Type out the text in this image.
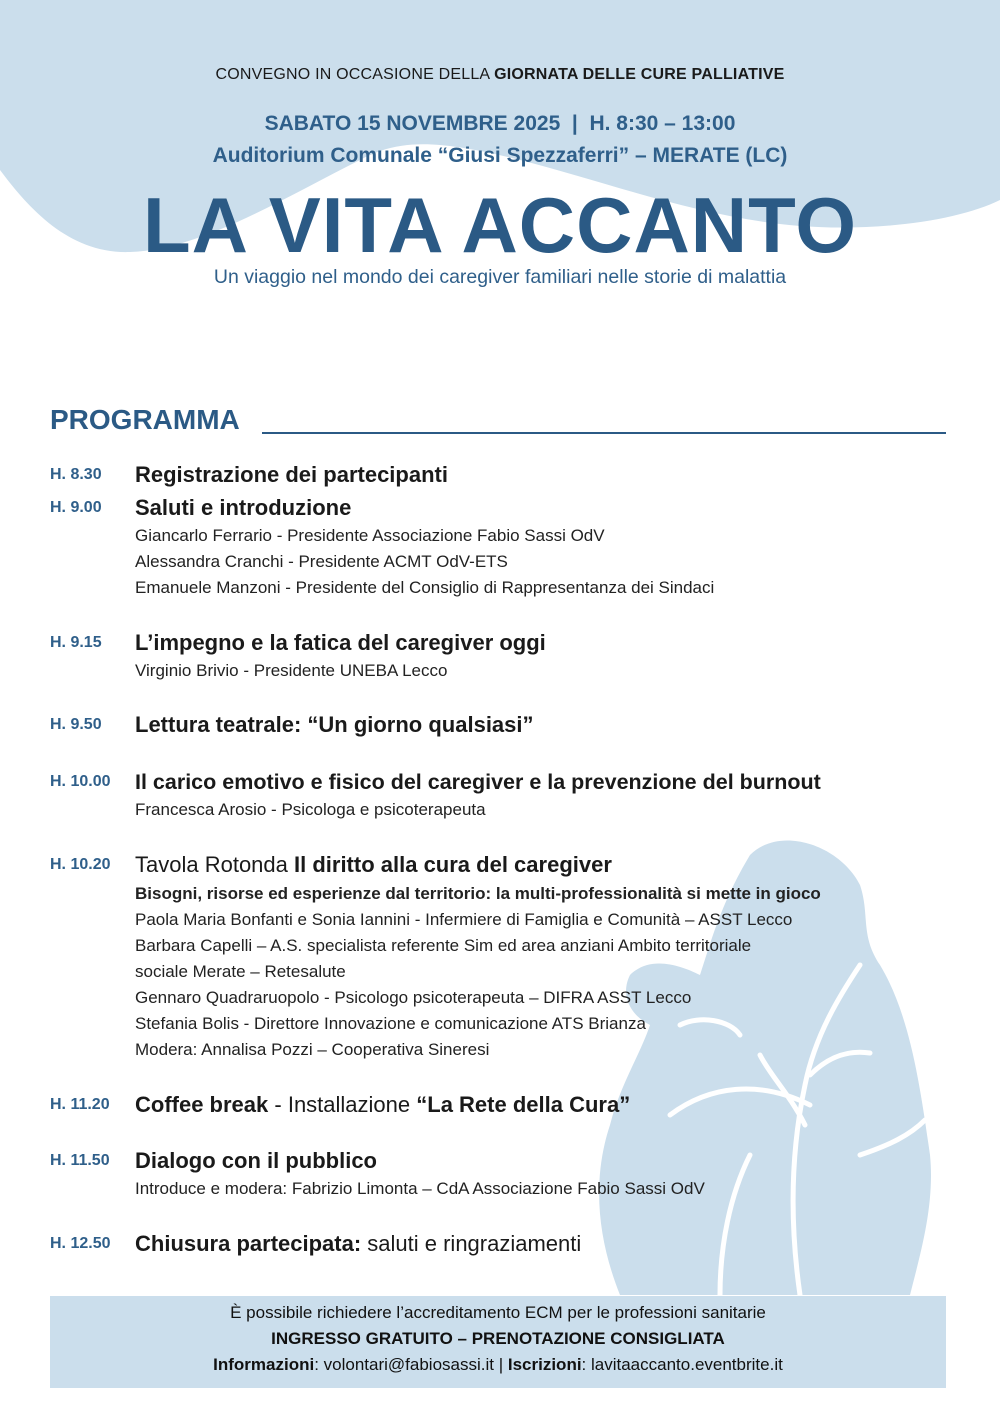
CONVEGNO IN OCCASIONE DELLA GIORNATA DELLE CURE PALLIATIVE
SABATO 15 NOVEMBRE 2025  |  H. 8:30 – 13:00
Auditorium Comunale “Giusi Spezzaferri” – MERATE (LC)
LA VITA ACCANTO
Un viaggio nel mondo dei caregiver familiari nelle storie di malattia
PROGRAMMA
H. 8.30	Registrazione dei partecipanti
H. 9.00	Saluti e introduzione
Giancarlo Ferrario - Presidente Associazione Fabio Sassi OdV
Alessandra Cranchi - Presidente ACMT OdV-ETS
Emanuele Manzoni - Presidente del Consiglio di Rappresentanza dei Sindaci
H. 9.15	L’impegno e la fatica del caregiver oggi
Virginio Brivio - Presidente UNEBA Lecco
H. 9.50	Lettura teatrale: “Un giorno qualsiasi”
H. 10.00	Il carico emotivo e fisico del caregiver e la prevenzione del burnout
Francesca Arosio - Psicologa e psicoterapeuta
H. 10.20	Tavola Rotonda Il diritto alla cura del caregiver
Bisogni, risorse ed esperienze dal territorio: la multi-professionalità si mette in gioco
Paola Maria Bonfanti e Sonia Iannini - Infermiere di Famiglia e Comunità – ASST Lecco
Barbara Capelli – A.S. specialista referente Sim ed area anziani Ambito territoriale
sociale Merate – Retesalute
Gennaro Quadraruopolo - Psicologo psicoterapeuta – DIFRA ASST Lecco
Stefania Bolis - Direttore Innovazione e comunicazione ATS Brianza
Modera: Annalisa Pozzi – Cooperativa Sineresi
H. 11.20	Coffee break - Installazione “La Rete della Cura”
H. 11.50	Dialogo con il pubblico
Introduce e modera: Fabrizio Limonta – CdA Associazione Fabio Sassi OdV
H. 12.50	Chiusura partecipata: saluti e ringraziamenti
È possibile richiedere l’accreditamento ECM per le professioni sanitarie
INGRESSO GRATUITO – PRENOTAZIONE CONSIGLIATA
Informazioni: volontari@fabiosassi.it | Iscrizioni: lavitaaccanto.eventbrite.it
